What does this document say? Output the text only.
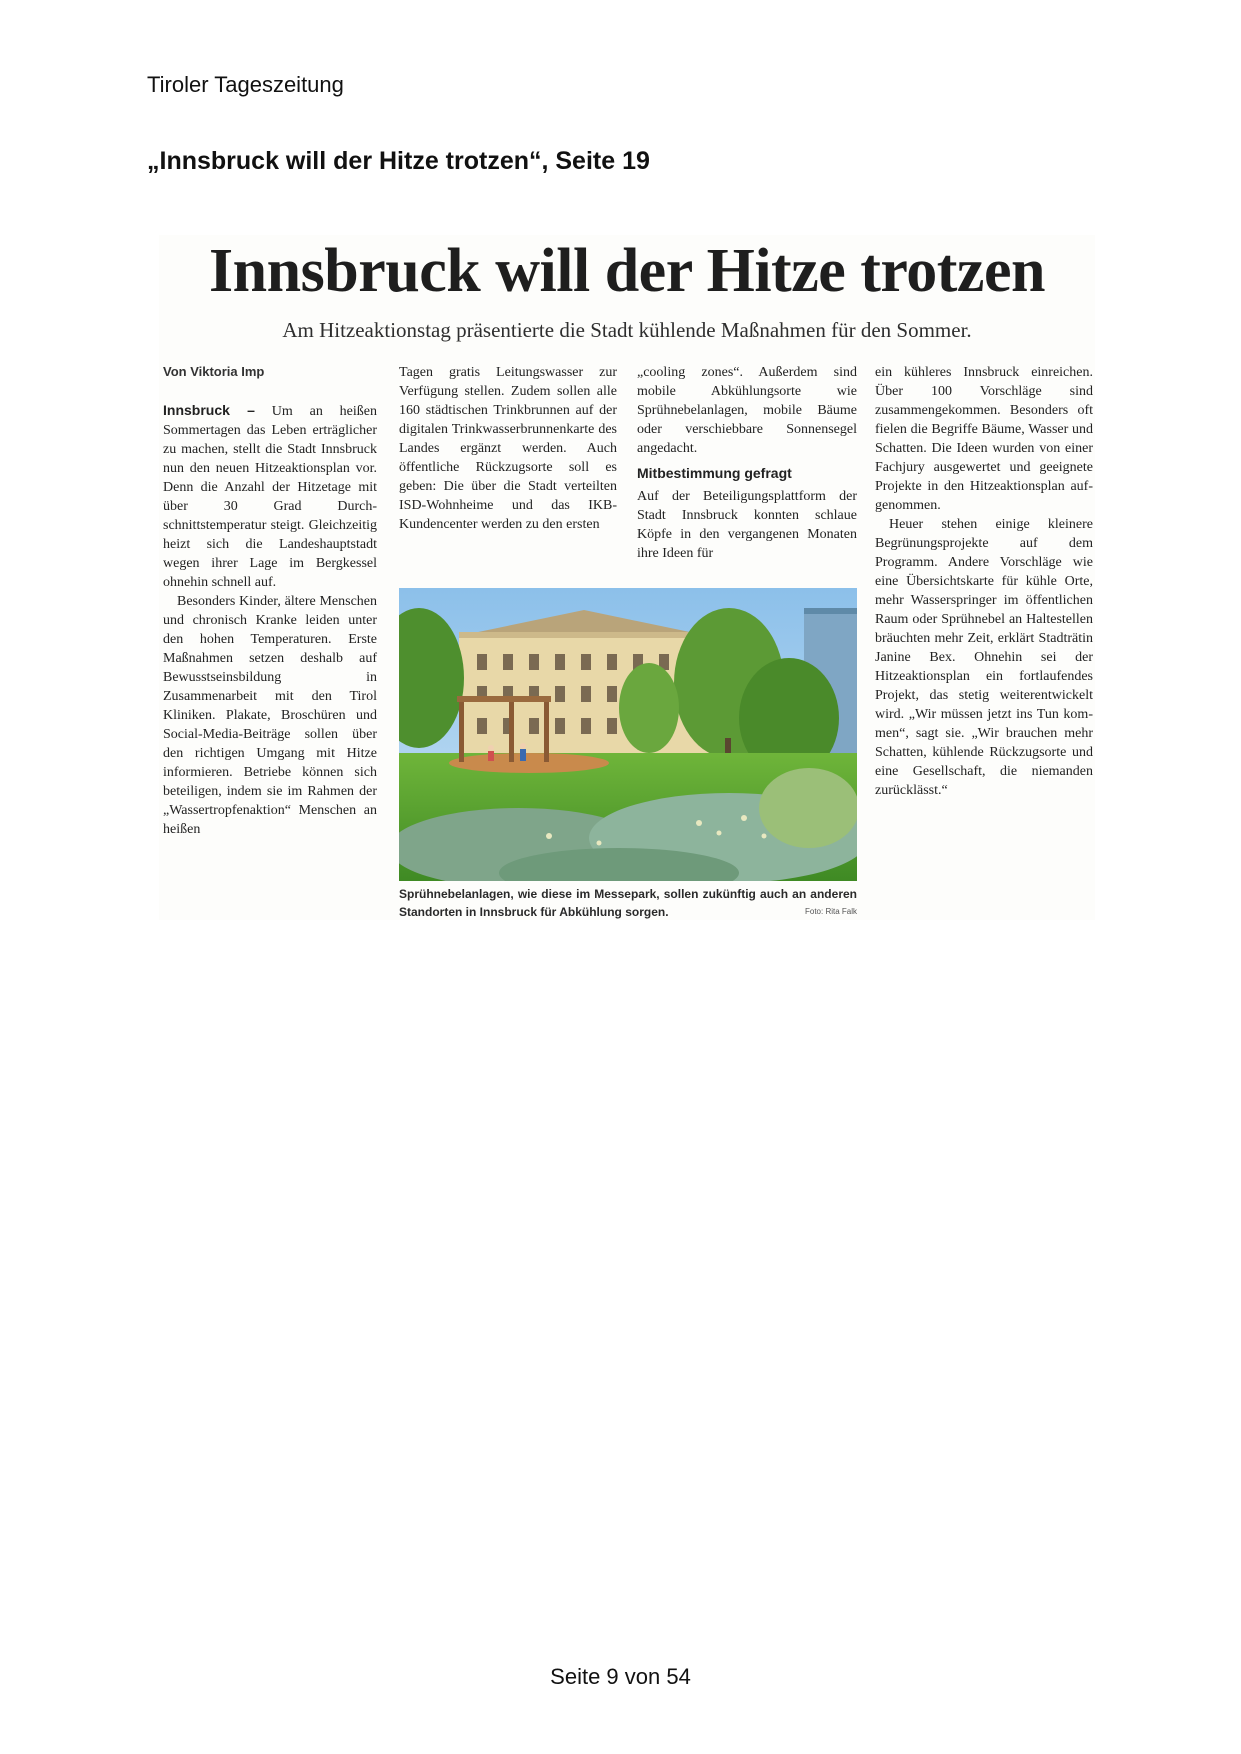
Tiroler Tageszeitung
„Innsbruck will der Hitze trotzen“, Seite 19
Innsbruck will der Hitze trotzen
Am Hitzeaktionstag präsentierte die Stadt kühlende Maßnahmen für den Sommer.
Von Viktoria Imp

Innsbruck – Um an heißen Sommertagen das Leben erträglicher zu machen, stellt die Stadt Innsbruck nun den neuen Hitzeaktionsplan vor. Denn die Anzahl der Hitzetage mit über 30 Grad Durchschnittstemperatur steigt. Gleichzeitig heizt sich die Landeshauptstadt wegen ihrer Lage im Bergkessel ohnehin schnell auf.

Besonders Kinder, ältere Menschen und chronisch Kranke leiden unter den hohen Temperaturen. Erste Maßnahmen setzen deshalb auf Bewusstseinsbildung in Zusammenarbeit mit den Tirol Kliniken. Plakate, Broschüren und Social-Media-Beiträge sollen über den richtigen Umgang mit Hitze informieren. Betriebe können sich beteiligen, indem sie im Rahmen der „Wassertropfenaktion“ Menschen an heißen

Tagen gratis Leitungswasser zur Verfügung stellen. Zudem sollen alle 160 städtischen Trinkbrunnen auf der digitalen Trinkwasserbrunnenkarte des Landes ergänzt werden. Auch öffentliche Rückzugsorte soll es geben: Die über die Stadt verteilten ISD-Wohnheime und das IKB-Kundencenter werden zu den ersten

„cooling zones“. Außerdem sind mobile Abkühlungsorte wie Sprühnebelanlagen, mobile Bäume oder verschiebbare Sonnensegel angedacht.

Mitbestimmung gefragt

Auf der Beteiligungsplattform der Stadt Innsbruck konnten schlaue Köpfe in den vergangenen Monaten ihre Ideen für

ein kühleres Innsbruck einreichen. Über 100 Vorschläge sind zusammengekommen. Besonders oft fielen die Begriffe Bäume, Wasser und Schatten. Die Ideen wurden von einer Fachjury ausgewertet und geeignete Projekte in den Hitzeaktionsplan aufgenommen.

Heuer stehen einige kleinere Begrünungsprojekte auf dem Programm. Andere Vorschläge wie eine Übersichtskarte für kühle Orte, mehr Wasserspringer im öffentlichen Raum oder Sprühnebel an Haltestellen bräuchten mehr Zeit, erklärt Stadträtin Janine Bex. Ohnehin sei der Hitzeaktionsplan ein fortlaufendes Projekt, das stetig weiterentwickelt wird. „Wir müssen jetzt ins Tun kommen“, sagt sie. „Wir brauchen mehr Schatten, kühlende Rückzugsorte und eine Gesellschaft, die niemanden zurücklässt.“

Sprühnebelanlagen, wie diese im Messepark, sollen zukünftig auch an anderen Standorten in Innsbruck für Abkühlung sorgen.	Foto: Rita Falk
Seite 9 von 54
